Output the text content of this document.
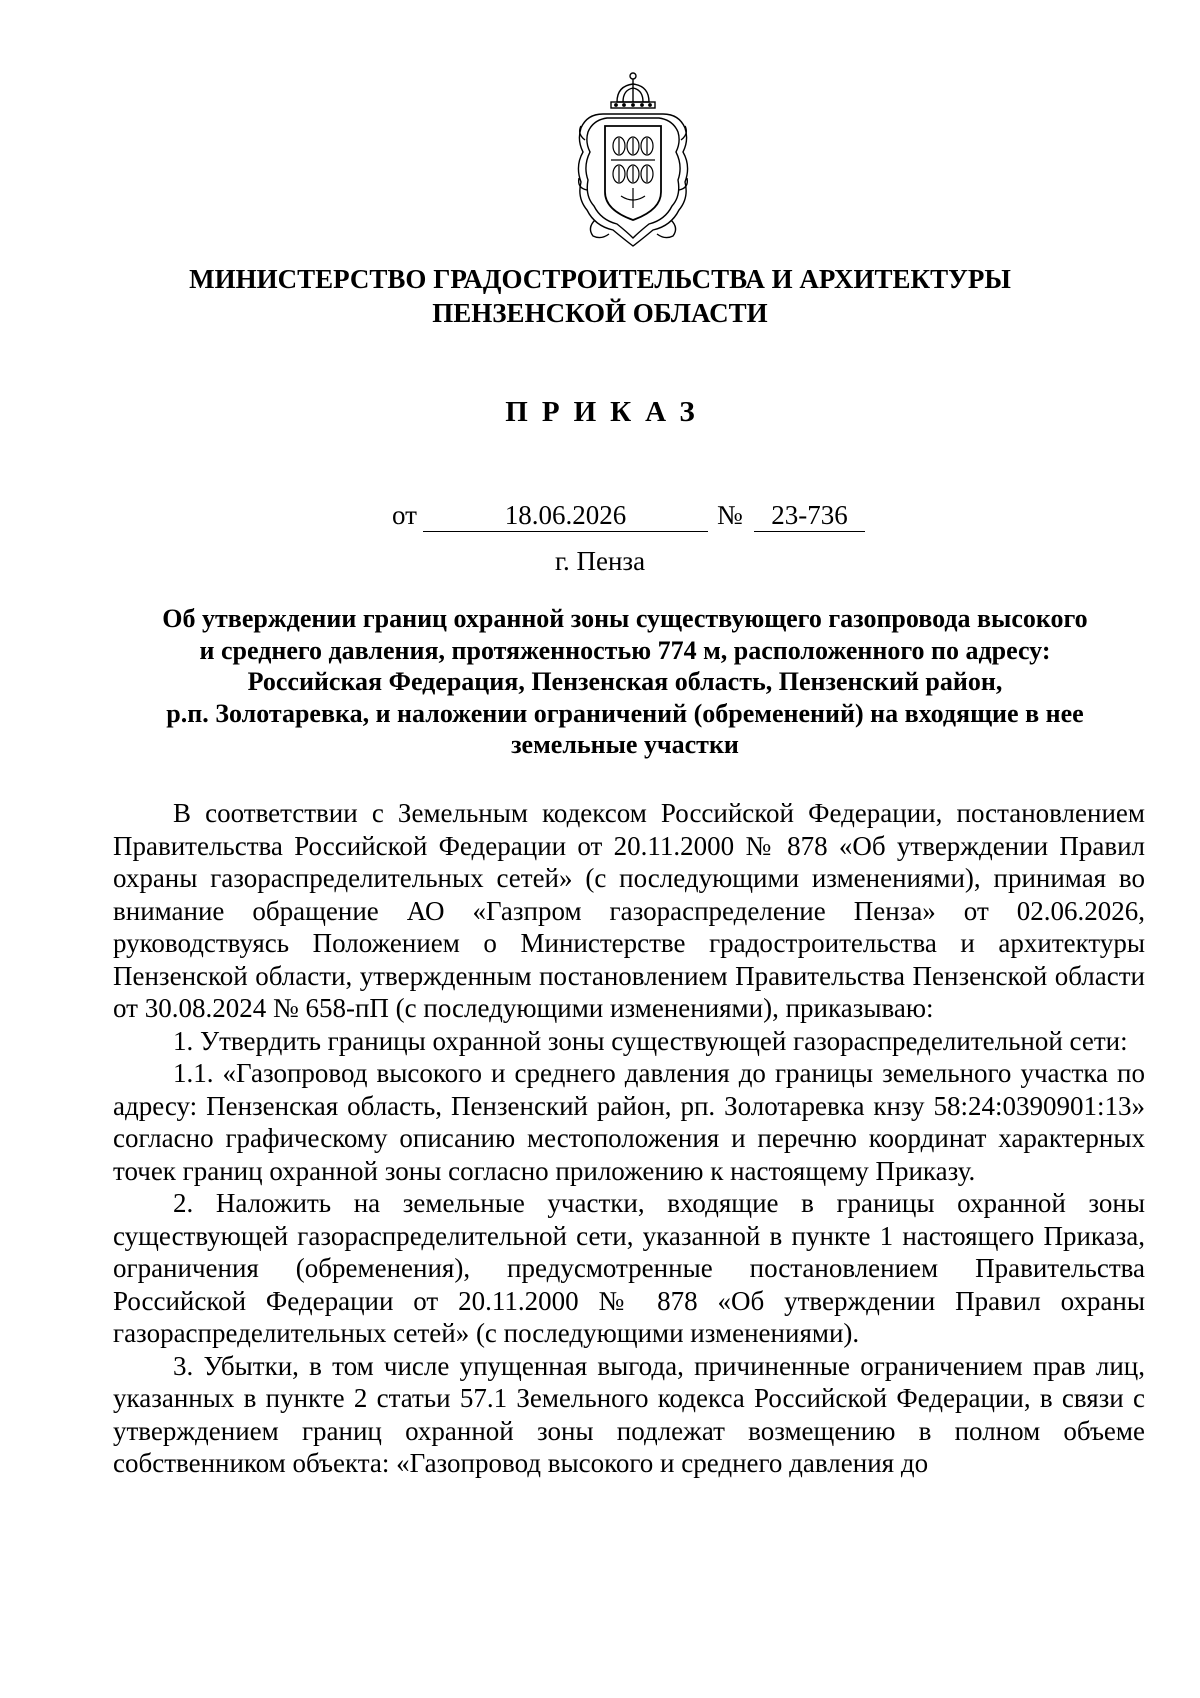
МИНИСТЕРСТВО ГРАДОСТРОИТЕЛЬСТВА И АРХИТЕКТУРЫ
ПЕНЗЕНСКОЙ ОБЛАСТИ
ПРИКАЗ
от	18.06.2026	№	23-736
г. Пенза
Об утверждении границ охранной зоны существующего газопровода высокого
и среднего давления, протяженностью 774 м, расположенного по адресу:
Российская Федерация, Пензенская область, Пензенский район,
р.п. Золотаревка, и наложении ограничений (обременений) на входящие в нее
земельные участки

В соответствии с Земельным кодексом Российской Федерации, постановлением Правительства Российской Федерации от 20.11.2000 № 878 «Об утверждении Правил охраны газораспределительных сетей» (с последующими изменениями), принимая во внимание обращение АО «Газпром газораспределение Пенза» от 02.06.2026, руководствуясь Положением о Министерстве градостроительства и архитектуры Пензенской области, утвержденным постановлением Правительства Пензенской области от 30.08.2024 № 658-пП (с последующими изменениями), приказываю:

1. Утвердить границы охранной зоны существующей газораспределительной сети:

1.1. «Газопровод высокого и среднего давления до границы земельного участка по адресу: Пензенская область, Пензенский район, рп. Золотаревка кнзу 58:24:0390901:13» согласно графическому описанию местоположения и перечню координат характерных точек границ охранной зоны согласно приложению к настоящему Приказу.

2. Наложить на земельные участки, входящие в границы охранной зоны существующей газораспределительной сети, указанной в пункте 1 настоящего Приказа, ограничения (обременения), предусмотренные постановлением Правительства Российской Федерации от 20.11.2000 № 878 «Об утверждении Правил охраны газораспределительных сетей» (с последующими изменениями).

3. Убытки, в том числе упущенная выгода, причиненные ограничением прав лиц, указанных в пункте 2 статьи 57.1 Земельного кодекса Российской Федерации, в связи с утверждением границ охранной зоны подлежат возмещению в полном объеме собственником объекта: «Газопровод высокого и среднего давления до
